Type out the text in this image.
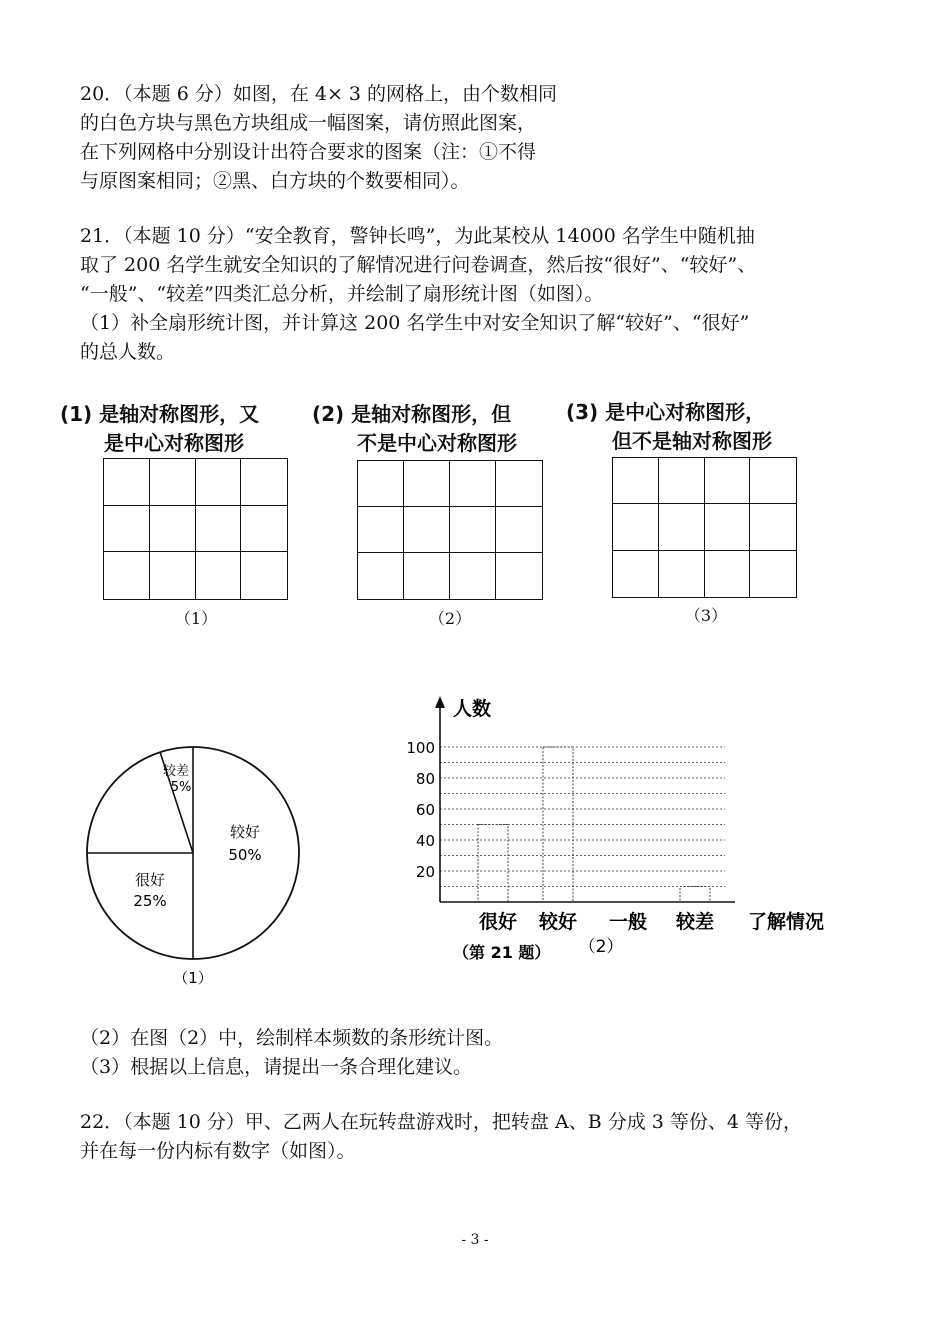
20．（本题 6 分）如图，在 4× 3 的网格上，由个数相同
的白色方块与黑色方块组成一幅图案，请仿照此图案，
在下列网格中分别设计出符合要求的图案（注：①不得
与原图案相同；②黑、白方块的个数要相同）。
21．（本题 10 分）“安全教育，警钟长鸣”，为此某校从 14000 名学生中随机抽
取了 200 名学生就安全知识的了解情况进行问卷调查，然后按“很好”、“较好”、
“一般”、“较差”四类汇总分析，并绘制了扇形统计图（如图）。
（1）补全扇形统计图，并计算这 200 名学生中对安全知识了解“较好”、“很好”
的总人数。
(1) 是轴对称图形，又
是中心对称图形
（1）
(2) 是轴对称图形，但
不是中心对称图形
（2）
(3) 是中心对称图形，
但不是轴对称图形
（3）
较好
50%
很好
25%
较差
5%
（1）
20
40
60
80
100
很好 较好 一般 较差
人数
了解情况
（第 21 题） （2）
（2）在图（2）中，绘制样本频数的条形统计图。
（3）根据以上信息，请提出一条合理化建议。
22．（本题 10 分）甲、乙两人在玩转盘游戏时，把转盘 A、B 分成 3 等份、4 等份，
并在每一份内标有数字（如图）。
- 3 -
